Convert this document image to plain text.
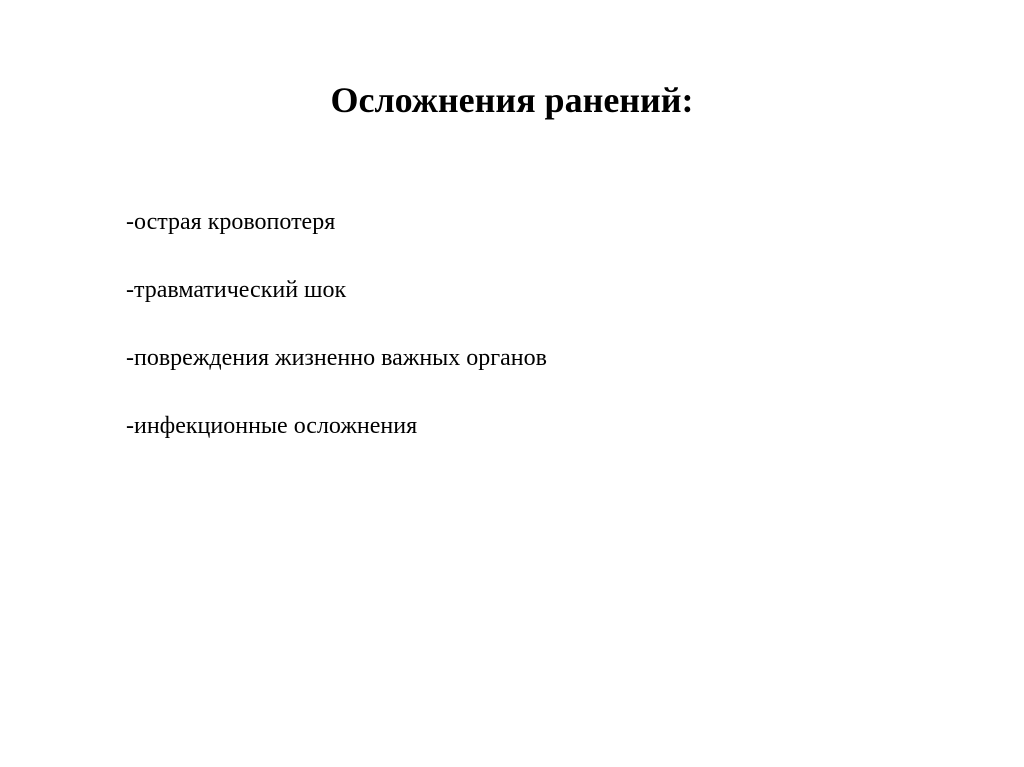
Осложнения ранений:
-острая кровопотеря
-травматический шок
-повреждения жизненно важных органов
-инфекционные осложнения
